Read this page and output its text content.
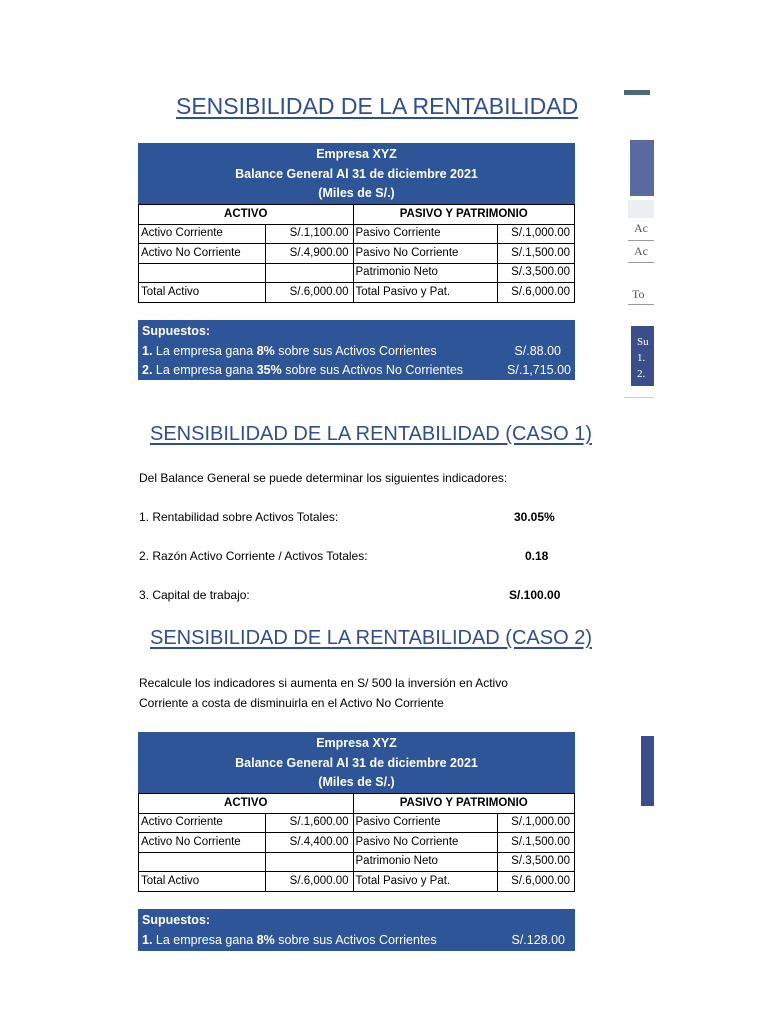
SENSIBILIDAD DE LA RENTABILIDAD
Empresa XYZ
Balance General Al 31 de diciembre 2021
(Miles de S/.)
ACTIVO		PASIVO Y PATRIMONIO	
Activo Corriente	S/.1,100.00	Pasivo Corriente	S/.1,000.00
Activo No Corriente	S/.4,900.00	Pasivo No Corriente	S/.1,500.00
		Patrimonio Neto	S/.3,500.00
Total Activo	S/.6,000.00	Total Pasivo y Pat.	S/.6,000.00
Supuestos:
1. La empresa gana 8% sobre sus Activos Corrientes	S/.88.00
2. La empresa gana 35% sobre sus Activos No Corrientes	S/.1,715.00
SENSIBILIDAD DE LA RENTABILIDAD (CASO 1)
Del Balance General se puede determinar los siguientes indicadores:
1. Rentabilidad sobre Activos Totales:	30.05%
2. Razón Activo Corriente / Activos Totales:	0.18
3. Capital de trabajo:	S/.100.00
SENSIBILIDAD DE LA RENTABILIDAD (CASO 2)
Recalcule los indicadores si aumenta en S/ 500 la inversión en Activo
Corriente a costa de disminuirla en el Activo No Corriente
Empresa XYZ
Balance General Al 31 de diciembre 2021
(Miles de S/.)
ACTIVO		PASIVO Y PATRIMONIO	
Activo Corriente	S/.1,600.00	Pasivo Corriente	S/.1,000.00
Activo No Corriente	S/.4,400.00	Pasivo No Corriente	S/.1,500.00
		Patrimonio Neto	S/.3,500.00
Total Activo	S/.6,000.00	Total Pasivo y Pat.	S/.6,000.00
Supuestos:
1. La empresa gana 8% sobre sus Activos Corrientes	S/.128.00
Ac
Ac
To
Su
1.
2.
